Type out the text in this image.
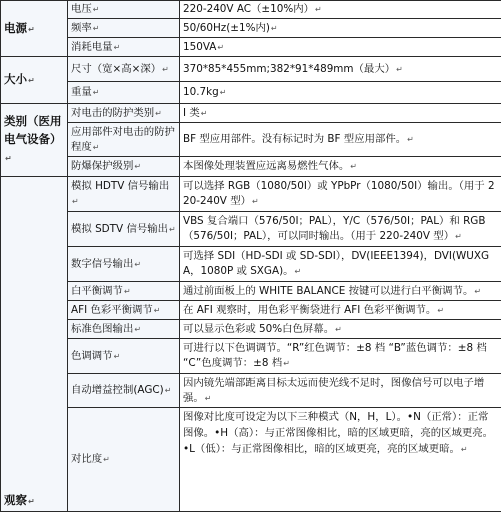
电源↵	电压↵	220-240V AC（±10%内）↵
	频率↵	50/60Hz(±1%内)↵
	消耗电量↵	150VA↵
大小↵	尺寸（宽×高×深）↵	370*85*455mm;382*91*489mm（最大）↵
	重量↵	10.7kg↵
类别（医用电气设备）↵	对电击的防护类别↵	I 类↵
	应用部件对电击的防护程度↵	BF 型应用部件。没有标记时为 BF 型应用部件。↵
	防爆保护级别↵	本图像处理装置应远离易燃性气体。↵
观察↵	模拟 HDTV 信号输出↵	可以选择 RGB（1080/50I）或 YPbPr（1080/50I）输出。（用于 220-240V 型）↵
	模拟 SDTV 信号输出↵	VBS 复合端口（576/50I；PAL），Y/C（576/50I；PAL）和 RGB（576/50I；PAL），可以同时输出。（用于 220-240V 型）↵
	数字信号输出↵	可选择 SDI（HD-SDI 或 SD-SDI），DV(IEEE1394)，DVI(WUXGA，1080P 或 SXGA)。↵
	白平衡调节↵	通过前面板上的 WHITE BALANCE 按键可以进行白平衡调节。↵
	AFI 色彩平衡调节↵	在 AFI 观察时，用色彩平衡袋进行 AFI 色彩平衡调节。↵
	标准色图输出↵	可以显示色彩或 50%白色屏幕。↵
	色调调节↵	可进行以下色调调节。“R”红色调节：±8 档 “B”蓝色调节：±8 档 “C”色度调节：±8 档↵
	自动增益控制(AGC)↵	因内镜先端部距离目标太远而使光线不足时，图像信号可以电子增强。↵
	对比度↵	图像对比度可设定为以下三种模式（N，H，L）。•N（正常）：正常图像。•H（高）：与正常图像相比，暗的区域更暗，亮的区域更亮。•L（低）：与正常图像相比，暗的区域更亮，亮的区域更暗。↵
